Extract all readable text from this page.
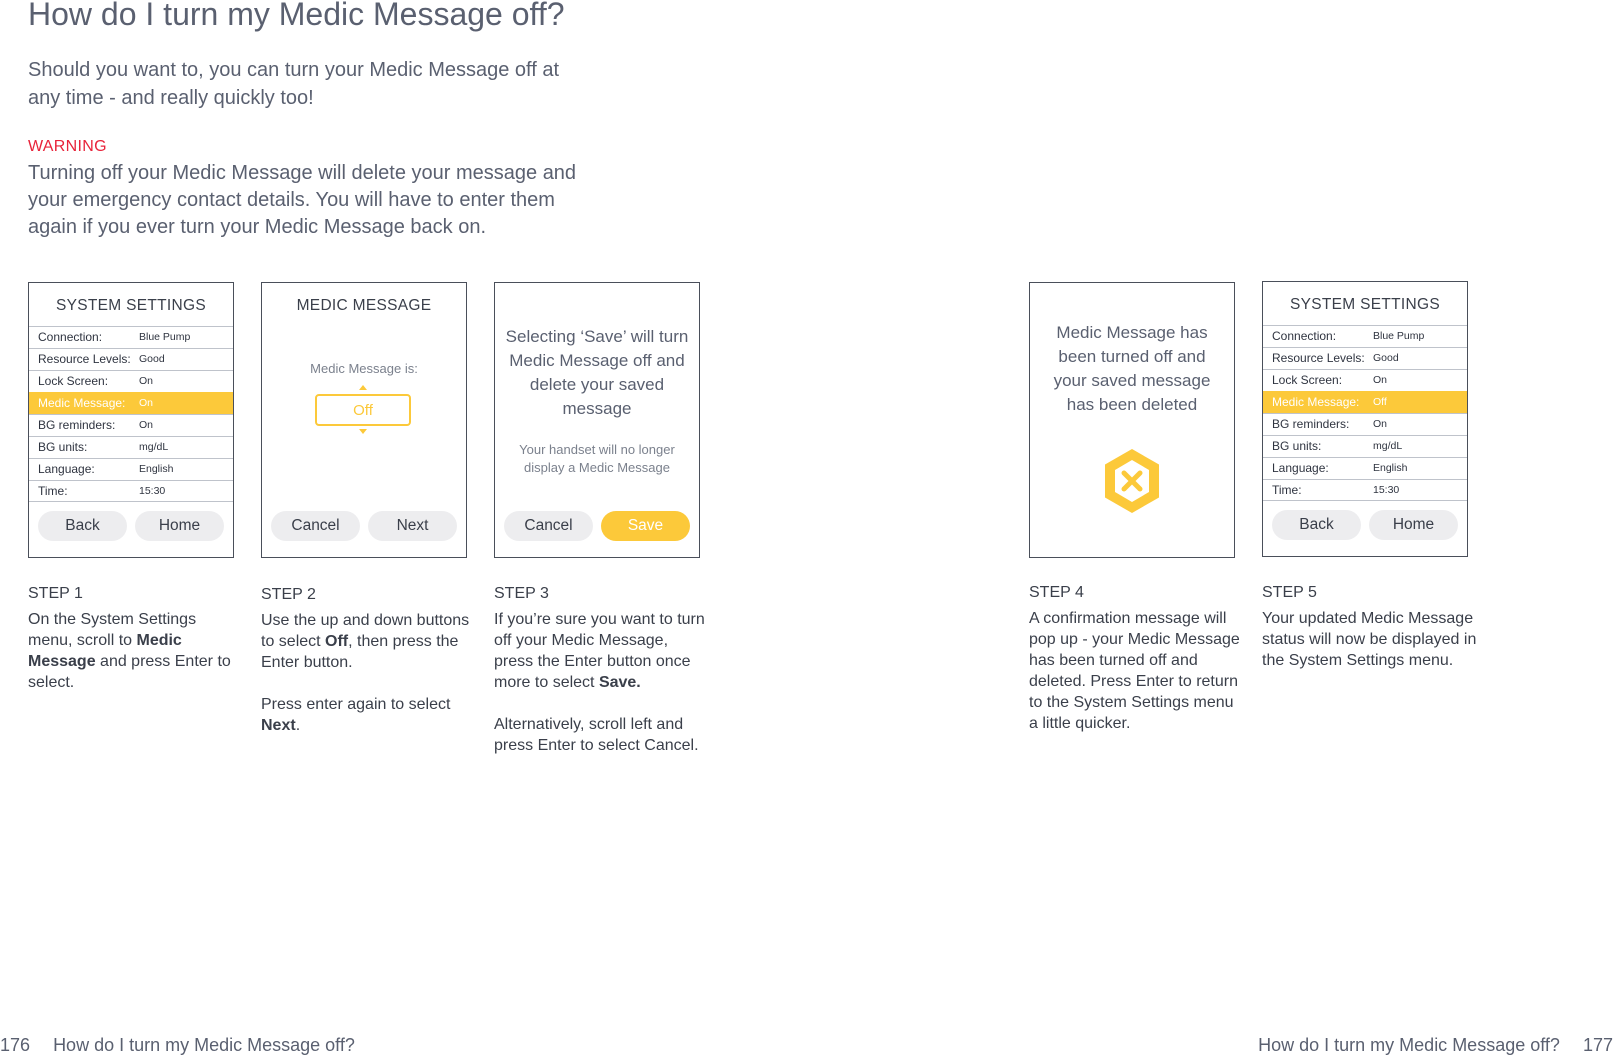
How do I turn my Medic Message off?
Should you want to, you can turn your Medic Message off at any time - and really quickly too!
WARNING
Turning off your Medic Message will delete your message and your emergency contact details. You will have to enter them again if you ever turn your Medic Message back on.
SYSTEM SETTINGS
Connection:	Blue Pump
Resource Levels: Good
Lock Screen:	On
Medic Message: On
BG reminders: On
BG units:	mg/dL
Language:	English
Time:	15:30
Back	Home
MEDIC MESSAGE
Medic Message is:
Off
Cancel	Next
Selecting ‘Save’ will turn Medic Message off and delete your saved message
Your handset will no longer display a Medic Message
Cancel	Save
Medic Message has been turned off and your saved message has been deleted
SYSTEM SETTINGS
Connection:	Blue Pump
Resource Levels: Good
Lock Screen:	On
Medic Message: Off
BG reminders: On
BG units:	mg/dL
Language:	English
Time:	15:30
Back	Home
STEP 1

On the System Settings menu, scroll to Medic Message and press Enter to select.

STEP 2

Use the up and down buttons to select Off, then press the Enter button.

Press enter again to select Next.

STEP 3

If you’re sure you want to turn off your Medic Message, press the Enter button once more to select Save.

Alternatively, scroll left and press Enter to select Cancel.

STEP 4

A confirmation message will pop up - your Medic Message has been turned off and deleted. Press Enter to return to the System Settings menu a little quicker.

STEP 5

Your updated Medic Message status will now be displayed in the System Settings menu.

176 How do I turn my Medic Message off?	How do I turn my Medic Message off? 177
